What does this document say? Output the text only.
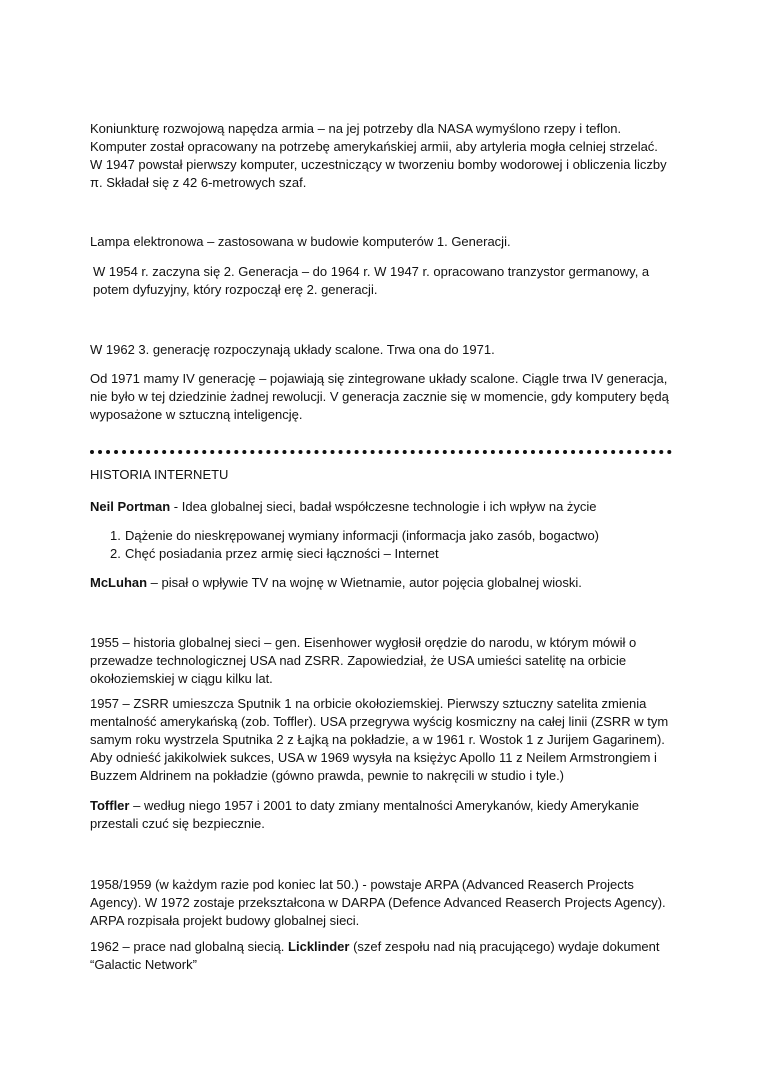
Koniunkturę rozwojową napędza armia – na jej potrzeby dla NASA wymyślono rzepy i teflon.
Komputer został opracowany na potrzebę amerykańskiej armii, aby artyleria mogła celniej strzelać.
W 1947 powstał pierwszy komputer, uczestniczący w tworzeniu bomby wodorowej i obliczenia liczby
π. Składał się z 42 6-metrowych szaf.

Lampa elektronowa – zastosowana w budowie komputerów 1. Generacji.

W 1954 r. zaczyna się 2. Generacja – do 1964 r. W 1947 r. opracowano tranzystor germanowy, a
potem dyfuzyjny, który rozpoczął erę 2. generacji.

W 1962 3. generację rozpoczynają układy scalone. Trwa ona do 1971.

Od 1971 mamy IV generację – pojawiają się zintegrowane układy scalone. Ciągle trwa IV generacja,
nie było w tej dziedzinie żadnej rewolucji. V generacja zacznie się w momencie, gdy komputery będą
wyposażone w sztuczną inteligencję.

HISTORIA INTERNETU

Neil Portman - Idea globalnej sieci, badał współczesne technologie i ich wpływ na życie

1. Dążenie do nieskrępowanej wymiany informacji (informacja jako zasób, bogactwo)
2. Chęć posiadania przez armię sieci łączności – Internet

McLuhan – pisał o wpływie TV na wojnę w Wietnamie, autor pojęcia globalnej wioski.

1955 – historia globalnej sieci – gen. Eisenhower wygłosił orędzie do narodu, w którym mówił o
przewadze technologicznej USA nad ZSRR. Zapowiedział, że USA umieści satelitę na orbicie
okołoziemskiej w ciągu kilku lat.

1957 – ZSRR umieszcza Sputnik 1 na orbicie okołoziemskiej. Pierwszy sztuczny satelita zmienia
mentalność amerykańską (zob. Toffler). USA przegrywa wyścig kosmiczny na całej linii (ZSRR w tym
samym roku wystrzela Sputnika 2 z Łajką na pokładzie, a w 1961 r. Wostok 1 z Jurijem Gagarinem).
Aby odnieść jakikolwiek sukces, USA w 1969 wysyła na księżyc Apollo 11 z Neilem Armstrongiem i
Buzzem Aldrinem na pokładzie (gówno prawda, pewnie to nakręcili w studio i tyle.)

Toffler – według niego 1957 i 2001 to daty zmiany mentalności Amerykanów, kiedy Amerykanie
przestali czuć się bezpiecznie.

1958/1959 (w każdym razie pod koniec lat 50.) - powstaje ARPA (Advanced Reaserch Projects
Agency). W 1972 zostaje przekształcona w DARPA (Defence Advanced Reaserch Projects Agency).
ARPA rozpisała projekt budowy globalnej sieci.

1962 – prace nad globalną siecią. Licklinder (szef zespołu nad nią pracującego) wydaje dokument
“Galactic Network”
